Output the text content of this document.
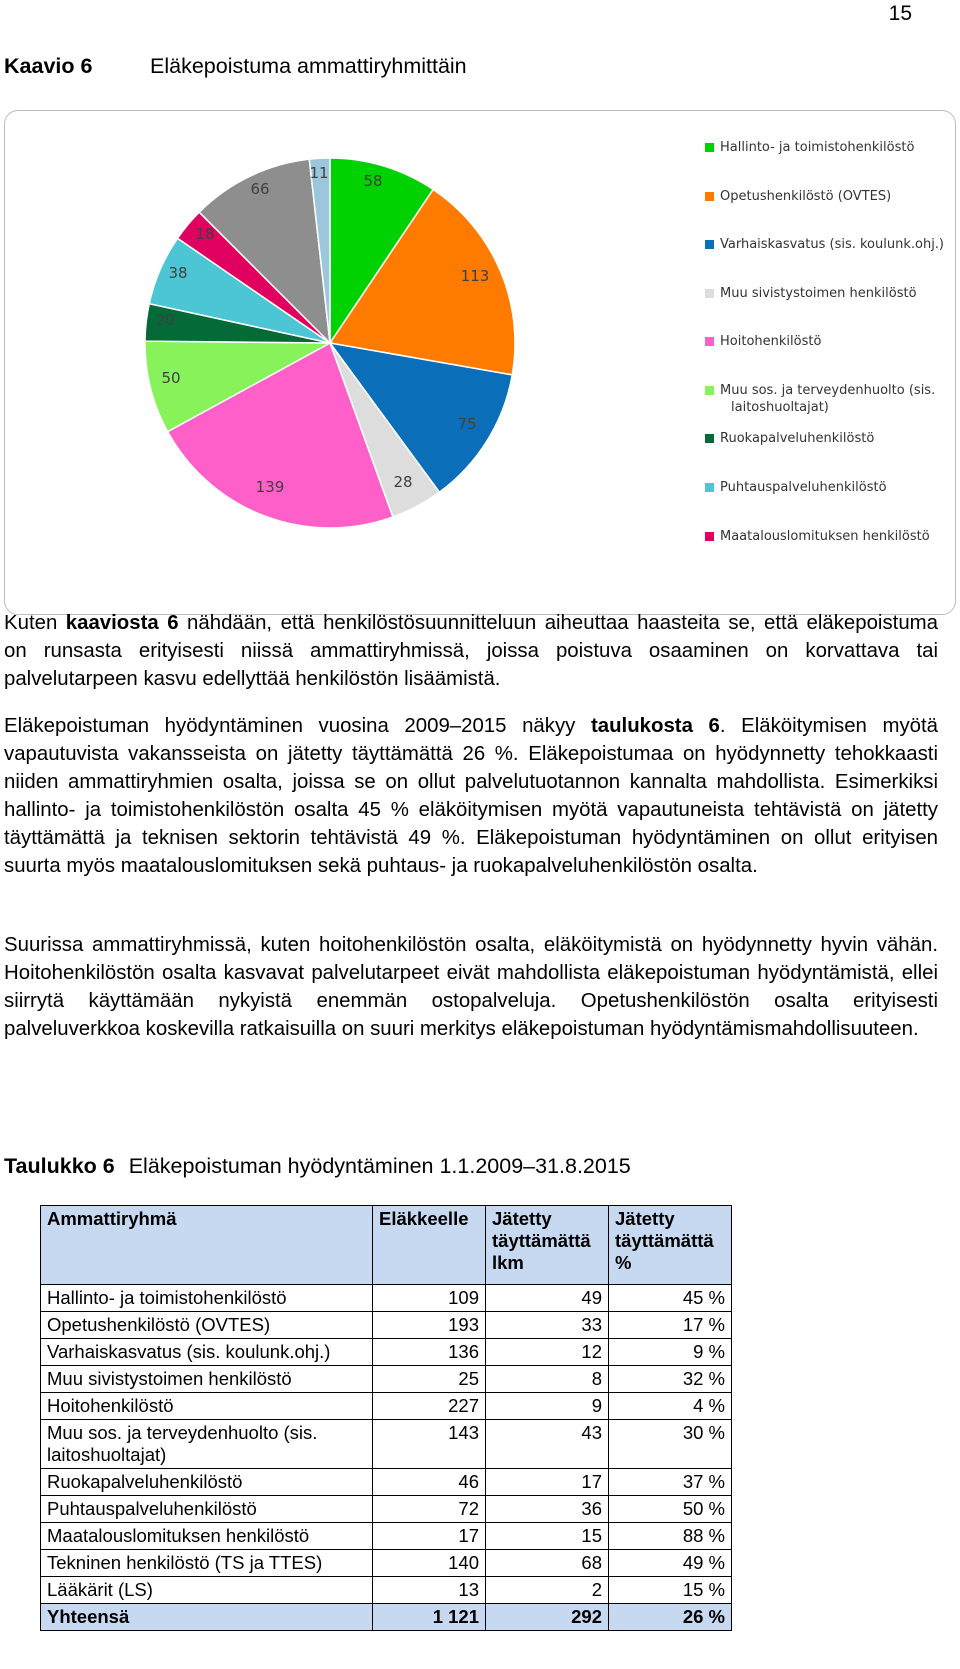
15
Kaavio 6	Eläkepoistuma ammattiryhmittäin
58
113
75
28
139
50
20
38
18
66
11
Hallinto- ja toimistohenkilöstö
Opetushenkilöstö (OVTES)
Varhaiskasvatus (sis. koulunk.ohj.)
Muu sivistystoimen henkilöstö
Hoitohenkilöstö
Muu sos. ja terveydenhuolto (sis.
laitoshuoltajat)
Ruokapalveluhenkilöstö
Puhtauspalveluhenkilöstö
Maatalouslomituksen henkilöstö

Kuten kaaviosta 6 nähdään, että henkilöstösuunnitteluun aiheuttaa haasteita se, että eläkepoistuma on runsasta erityisesti niissä ammattiryhmissä, joissa poistuva osaaminen on korvattava tai palvelutarpeen kasvu edellyttää henkilöstön lisäämistä.

Eläkepoistuman hyödyntäminen vuosina 2009–2015 näkyy taulukosta 6. Eläköitymisen myötä vapautuvista vakansseista on jätetty täyttämättä 26 %. Eläkepoistumaa on hyödynnetty tehokkaasti niiden ammattiryhmien osalta, joissa se on ollut palvelutuotannon kannalta mahdollista. Esimerkiksi hallinto- ja toimistohenkilöstön osalta 45 % eläköitymisen myötä vapautuneista tehtävistä on jätetty täyttämättä ja teknisen sektorin tehtävistä 49 %. Eläkepoistuman hyödyntäminen on ollut erityisen suurta myös maatalouslomituksen sekä puhtaus- ja ruokapalveluhenkilöstön osalta.

Suurissa ammattiryhmissä, kuten hoitohenkilöstön osalta, eläköitymistä on hyödynnetty hyvin vähän. Hoitohenkilöstön osalta kasvavat palvelutarpeet eivät mahdollista eläkepoistuman hyödyntämistä, ellei siirrytä käyttämään nykyistä enemmän ostopalveluja. Opetushenkilöstön osalta erityisesti palveluverkkoa koskevilla ratkaisuilla on suuri merkitys eläkepoistuman hyödyntämismahdollisuuteen.

Taulukko 6 Eläkepoistuman hyödyntäminen 1.1.2009–31.8.2015
Ammattiryhmä	Eläkkeelle	Jätetty täyttämättä lkm	Jätetty täyttämättä %
Hallinto- ja toimistohenkilöstö	109	49	45 %
Opetushenkilöstö (OVTES)	193	33	17 %
Varhaiskasvatus (sis. koulunk.ohj.)	136	12	9 %
Muu sivistystoimen henkilöstö	25	8	32 %
Hoitohenkilöstö	227	9	4 %
Muu sos. ja terveydenhuolto (sis. laitoshuoltajat)	143	43	30 %
Ruokapalveluhenkilöstö	46	17	37 %
Puhtauspalveluhenkilöstö	72	36	50 %
Maatalouslomituksen henkilöstö	17	15	88 %
Tekninen henkilöstö (TS ja TTES)	140	68	49 %
Lääkärit (LS)	13	2	15 %
Yhteensä	1 121	292	26 %
